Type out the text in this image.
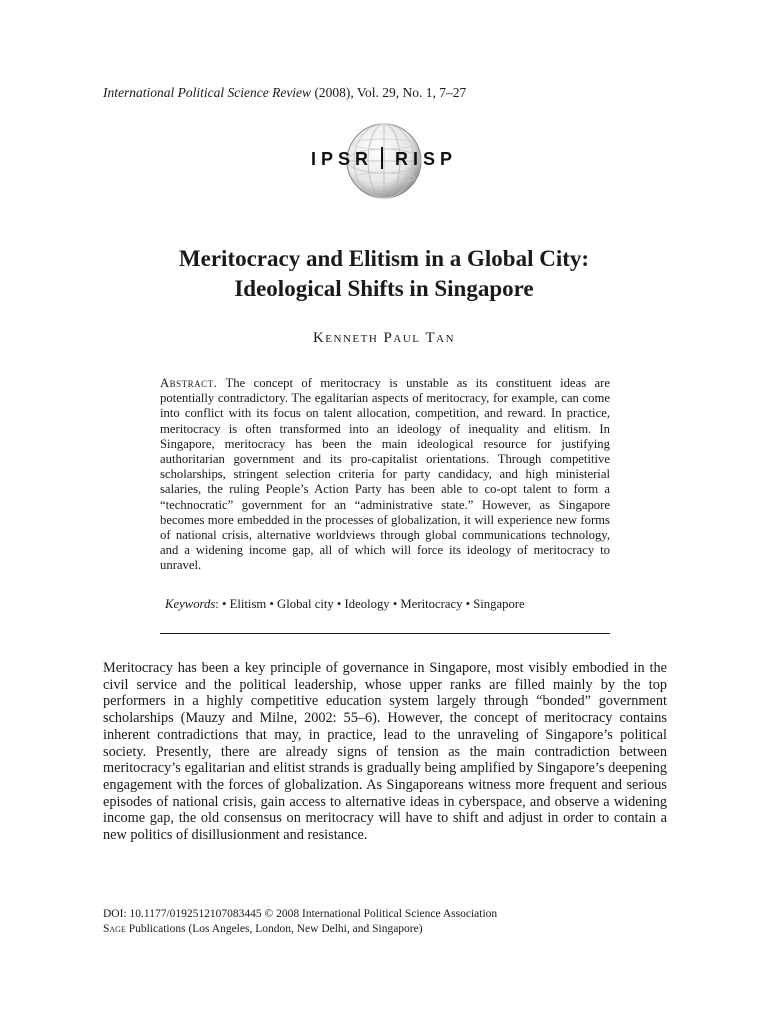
International Political Science Review (2008), Vol. 29, No. 1, 7–27
IPSR RISP
Meritocracy and Elitism in a Global City:
Ideological Shifts in Singapore
Kenneth Paul Tan
Abstract. The concept of meritocracy is unstable as its constituent ideas are potentially contradictory. The egalitarian aspects of meritocracy, for example, can come into conflict with its focus on talent allocation, competition, and reward. In practice, meritocracy is often transformed into an ideology of inequality and elitism. In Singapore, meritocracy has been the main ideological resource for justifying authoritarian government and its pro-capitalist orientations. Through competitive scholarships, stringent selection criteria for party candidacy, and high ministerial salaries, the ruling People’s Action Party has been able to co-opt talent to form a “technocratic” government for an “administrative state.” However, as Singapore becomes more embedded in the processes of globalization, it will experience new forms of national crisis, alternative worldviews through global communications technology, and a widening income gap, all of which will force its ideology of meritocracy to unravel.
Keywords: • Elitism • Global city • Ideology • Meritocracy • Singapore
Meritocracy has been a key principle of governance in Singapore, most visibly embodied in the civil service and the political leadership, whose upper ranks are filled mainly by the top performers in a highly competitive education system largely through “bonded” government scholarships (Mauzy and Milne, 2002: 55–6). However, the concept of meritocracy contains inherent contradictions that may, in practice, lead to the unraveling of Singapore’s political society. Presently, there are already signs of tension as the main contradiction between meritocracy’s egalitarian and elitist strands is gradually being amplified by Singapore’s deepening engagement with the forces of globalization. As Singaporeans witness more frequent and serious episodes of national crisis, gain access to alternative ideas in cyberspace, and observe a widening income gap, the old consensus on meritocracy will have to shift and adjust in order to contain a new politics of disillusionment and resistance.
DOI: 10.1177/0192512107083445 © 2008 International Political Science Association
Sage Publications (Los Angeles, London, New Delhi, and Singapore)
